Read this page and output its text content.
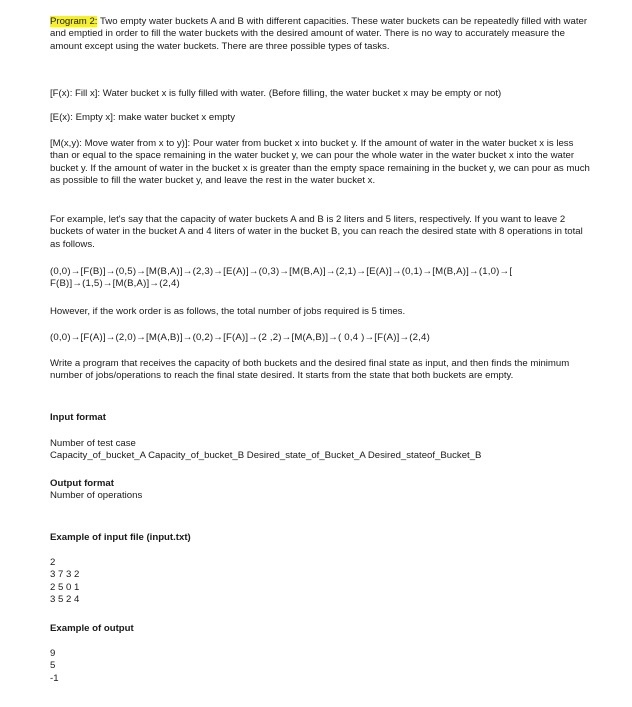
Program 2: Two empty water buckets A and B with different capacities. These water buckets can be repeatedly filled with water and emptied in order to fill the water buckets with the desired amount of water. There is no way to accurately measure the amount except using the water buckets. There are three possible types of tasks.

[F(x): Fill x]: Water bucket x is fully filled with water. (Before filling, the water bucket x may be empty or not)

[E(x): Empty x]: make water bucket x empty

[M(x,y): Move water from x to y)]: Pour water from bucket x into bucket y. If the amount of water in the water bucket x is less than or equal to the space remaining in the water bucket y, we can pour the whole water in the water bucket x into the water bucket y. If the amount of water in the bucket x is greater than the empty space remaining in the bucket y, we can pour as much as possible to fill the water bucket y, and leave the rest in the water bucket x.

For example, let's say that the capacity of water buckets A and B is 2 liters and 5 liters, respectively. If you want to leave 2 buckets of water in the bucket A and 4 liters of water in the bucket B, you can reach the desired state with 8 operations in total as follows.

(0,0)→[F(B)]→(0,5)→[M(B,A)]→(2,3)→[E(A)]→(0,3)→[M(B,A)]→(2,1)→[E(A)]→(0,1)→[M(B,A)]→(1,0)→[ F(B)]→(1,5)→[M(B,A)]→(2,4)

However, if the work order is as follows, the total number of jobs required is 5 times.

(0,0)→[F(A)]→(2,0)→[M(A,B)]→(0,2)→[F(A)]→(2 ,2)→[M(A,B)]→( 0,4 )→[F(A)]→(2,4)

Write a program that receives the capacity of both buckets and the desired final state as input, and then finds the minimum number of jobs/operations to reach the final state desired. It starts from the state that both buckets are empty.

Input format

Number of test case
Capacity_of_bucket_A Capacity_of_bucket_B Desired_state_of_Bucket_A Desired_stateof_Bucket_B

Output format

Number of operations

Example of input file (input.txt)

2
3 7 3 2
2 5 0 1
3 5 2 4

Example of output

9
5
-1
